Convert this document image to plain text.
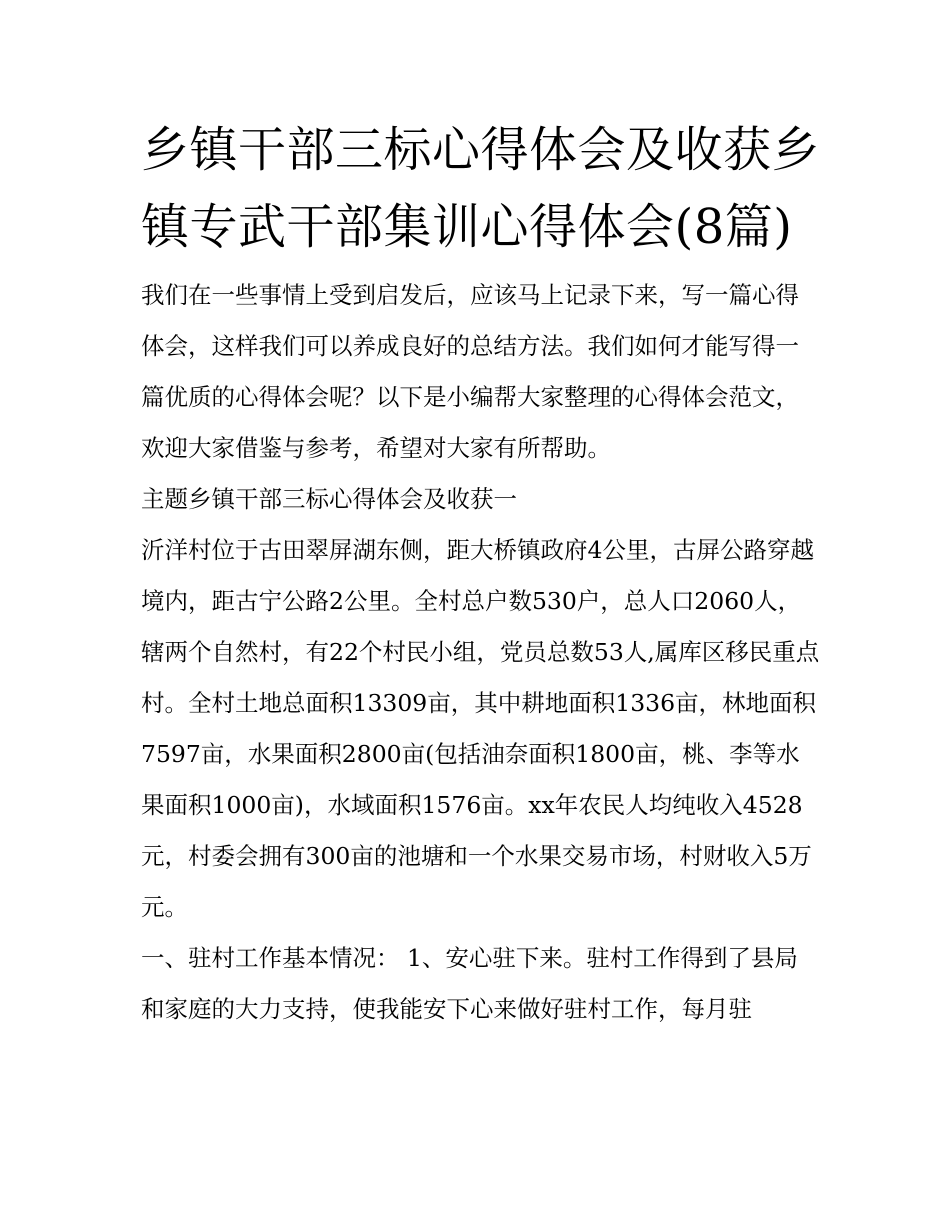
乡镇干部三标心得体会及收获乡镇专武干部集训心得体会(8篇)

我们在一些事情上受到启发后，应该马上记录下来，写一篇心得体会，这样我们可以养成良好的总结方法。我们如何才能写得一篇优质的心得体会呢？以下是小编帮大家整理的心得体会范文，欢迎大家借鉴与参考，希望对大家有所帮助。

主题乡镇干部三标心得体会及收获一

沂洋村位于古田翠屏湖东侧，距大桥镇政府4公里，古屏公路穿越境内，距古宁公路2公里。全村总户数530户，总人口2060人，辖两个自然村，有22个村民小组，党员总数53人,属库区移民重点村。全村土地总面积13309亩，其中耕地面积1336亩，林地面积7597亩，水果面积2800亩(包括油奈面积1800亩，桃、李等水果面积1000亩)，水域面积1576亩。xx年农民人均纯收入4528元，村委会拥有300亩的池塘和一个水果交易市场，村财收入5万元。

一、驻村工作基本情况： 1、安心驻下来。驻村工作得到了县局和家庭的大力支持，使我能安下心来做好驻村工作，每月驻
